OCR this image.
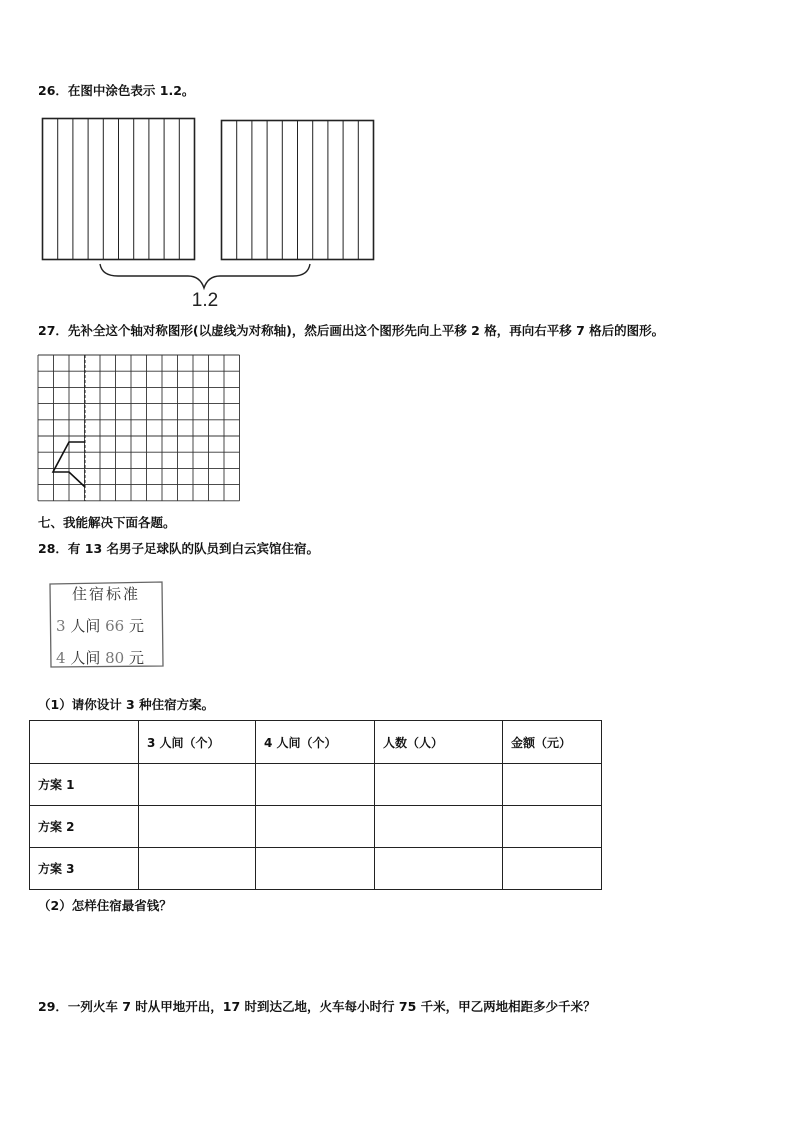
26．在图中涂色表示 1.2。
1.2
27．先补全这个轴对称图形(以虚线为对称轴)，然后画出这个图形先向上平移 2 格，再向右平移 7 格后的图形。
七、我能解决下面各题。
28．有 13 名男子足球队的队员到白云宾馆住宿。
住宿标准
3 人间 66 元
4 人间 80 元
（1）请你设计 3 种住宿方案。
	3 人间（个）	4 人间（个）	人数（人）	金额（元）
方案 1				
方案 2				
方案 3				
（2）怎样住宿最省钱？
29．一列火车 7 时从甲地开出，17 时到达乙地，火车每小时行 75 千米，甲乙两地相距多少千米？
